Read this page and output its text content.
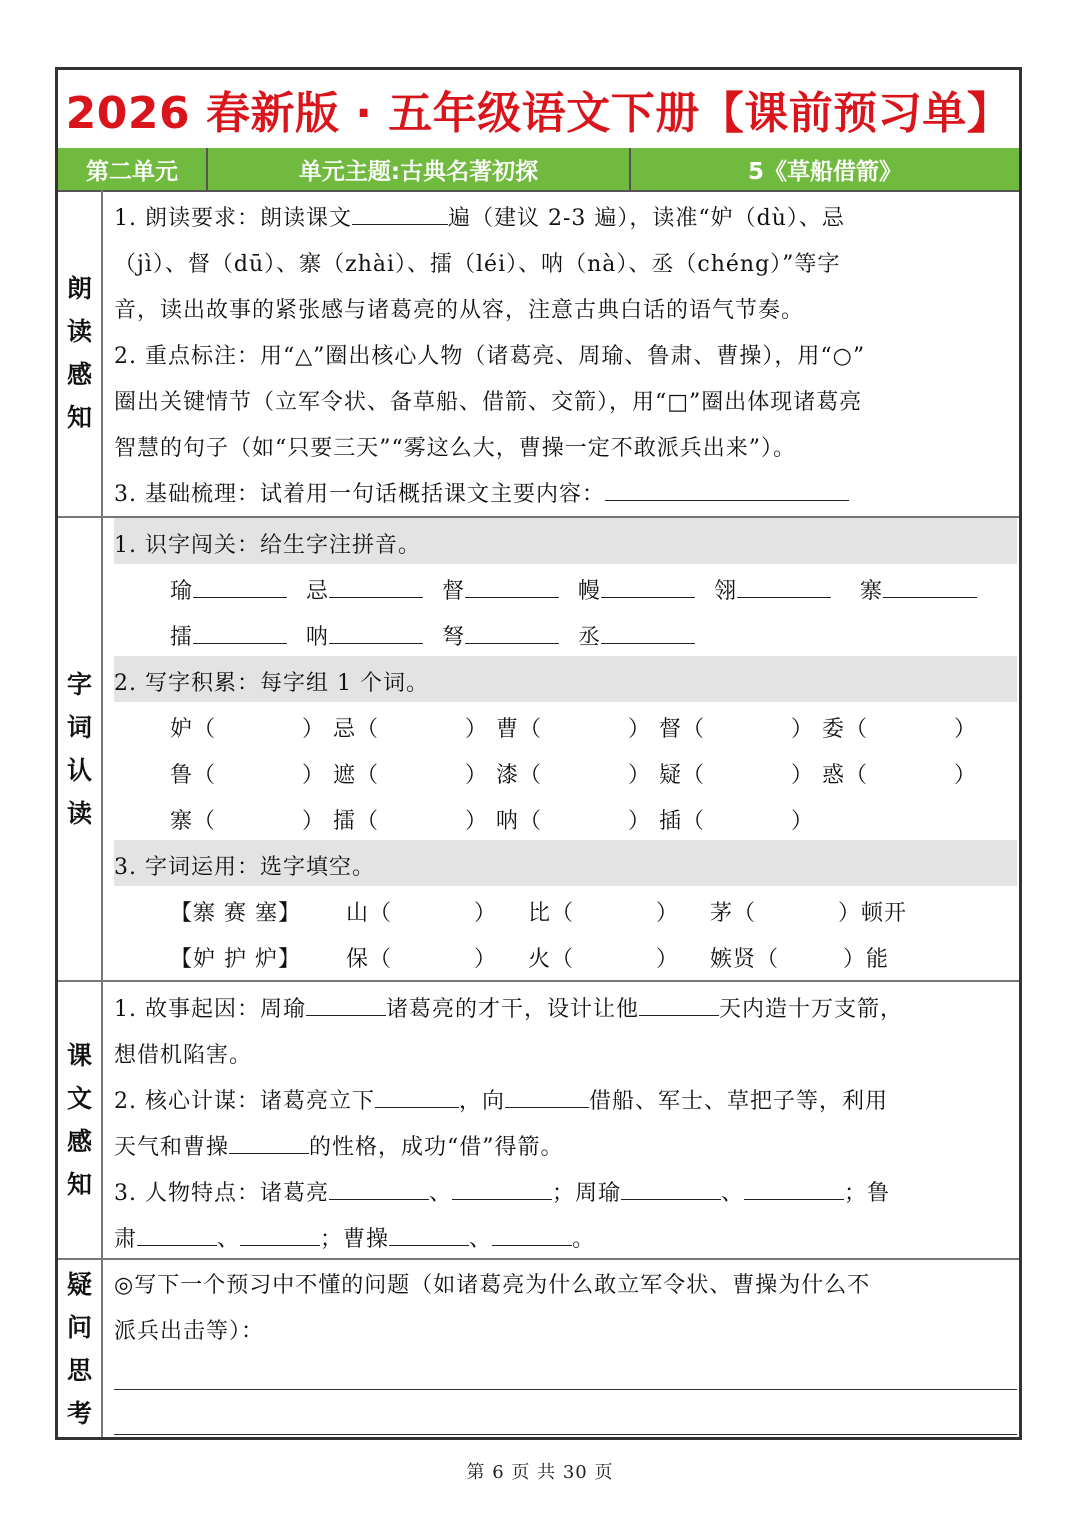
2026 春新版 · 五年级语文下册【课前预习单】
第二单元	单元主题:古典名著初探	5《草船借箭》
朗
读
感
知
1. 朗读要求：朗读课文	遍（建议 2-3 遍），读准“妒（dù）、忌
（jì）、督（dū）、寨（zhài）、擂（léi）、呐（nà）、丞（chéng）”等字
音，读出故事的紧张感与诸葛亮的从容，注意古典白话的语气节奏。
2. 重点标注：用“△”圈出核心人物（诸葛亮、周瑜、鲁肃、曹操），用“○”
圈出关键情节（立军令状、备草船、借箭、交箭），用“□”圈出体现诸葛亮
智慧的句子（如“只要三天”“雾这么大，曹操一定不敢派兵出来”）。
3. 基础梳理：试着用一句话概括课文主要内容：
字
词
认
读
1. 识字闯关：给生字注拼音。
瑜	忌	督	幔	翎	寨
擂	呐	弩	丞
2. 写字积累：每字组 1 个词。
妒（	） 忌（	） 曹（	） 督（	） 委（	）
鲁（	） 遮（	） 漆（	） 疑（	） 惑（	）
寨（	） 擂（	） 呐（	） 插（	）
3. 字词运用：选字填空。
【寨 赛 塞】 山（	） 比（	） 茅（	）顿开
【妒 护 炉】 保（	） 火（	） 嫉贤（	）能
课
文
感
知
1. 故事起因：周瑜	诸葛亮的才干，设计让他	天内造十万支箭，
想借机陷害。
2. 核心计谋：诸葛亮立下	，向	借船、军士、草把子等，利用
天气和曹操	的性格，成功“借”得箭。
3. 人物特点：诸葛亮	、	；周瑜	、	；鲁
肃	、	；曹操	、	。
疑
问
思
考
◎写下一个预习中不懂的问题（如诸葛亮为什么敢立军令状、曹操为什么不
派兵出击等）：
第 6 页 共 30 页
